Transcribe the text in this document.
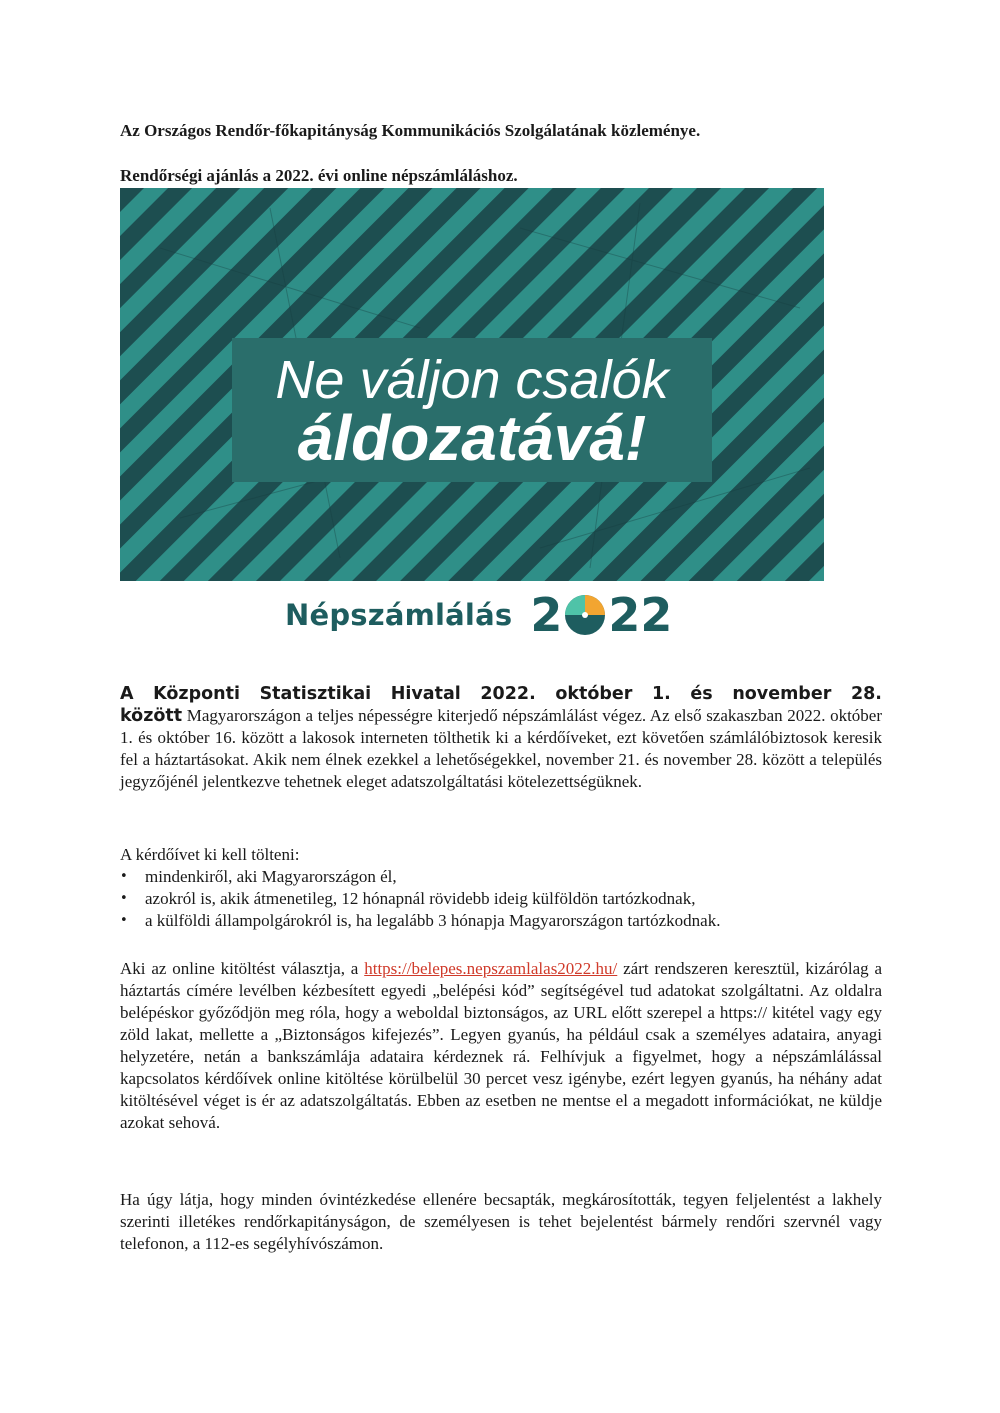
Az Országos Rendőr-főkapitányság Kommunikációs Szolgálatának közleménye.
Rendőrségi ajánlás a 2022. évi online népszámláláshoz.
Ne váljon csalók
áldozatává!
Népszámlálás 2 22
A Központi Statisztikai Hivatal 2022. október 1. és november 28.
között Magyarországon a teljes népességre kiterjedő népszámlálást végez. Az első szakaszban 2022. október 1. és október 16. között a lakosok interneten tölthetik ki a kérdőíveket, ezt követően számlálóbiztosok keresik fel a háztartásokat. Akik nem élnek ezekkel a lehetőségekkel, november 21. és november 28. között a település jegyzőjénél jelentkezve tehetnek eleget adatszolgáltatási kötelezettségüknek.
A kérdőívet ki kell tölteni:
• mindenkiről, aki Magyarországon él,
• azokról is, akik átmenetileg, 12 hónapnál rövidebb ideig külföldön tartózkodnak,
• a külföldi állampolgárokról is, ha legalább 3 hónapja Magyarországon tartózkodnak.
Aki az online kitöltést választja, a https://belepes.nepszamlalas2022.hu/ zárt rendszeren keresztül, kizárólag a háztartás címére levélben kézbesített egyedi „belépési kód” segítségével tud adatokat szolgáltatni. Az oldalra belépéskor győződjön meg róla, hogy a weboldal biztonságos, az URL előtt szerepel a https:// kitétel vagy egy zöld lakat, mellette a „Biztonságos kifejezés”. Legyen gyanús, ha például csak a személyes adataira, anyagi helyzetére, netán a bankszámlája adataira kérdeznek rá. Felhívjuk a figyelmet, hogy a népszámlálással kapcsolatos kérdőívek online kitöltése körülbelül 30 percet vesz igénybe, ezért legyen gyanús, ha néhány adat kitöltésével véget is ér az adatszolgáltatás. Ebben az esetben ne mentse el a megadott információkat, ne küldje azokat sehová.
Ha úgy látja, hogy minden óvintézkedése ellenére becsapták, megkárosították, tegyen feljelentést a lakhely szerinti illetékes rendőrkapitányságon, de személyesen is tehet bejelentést bármely rendőri szervnél vagy telefonon, a 112-es segélyhívószámon.
